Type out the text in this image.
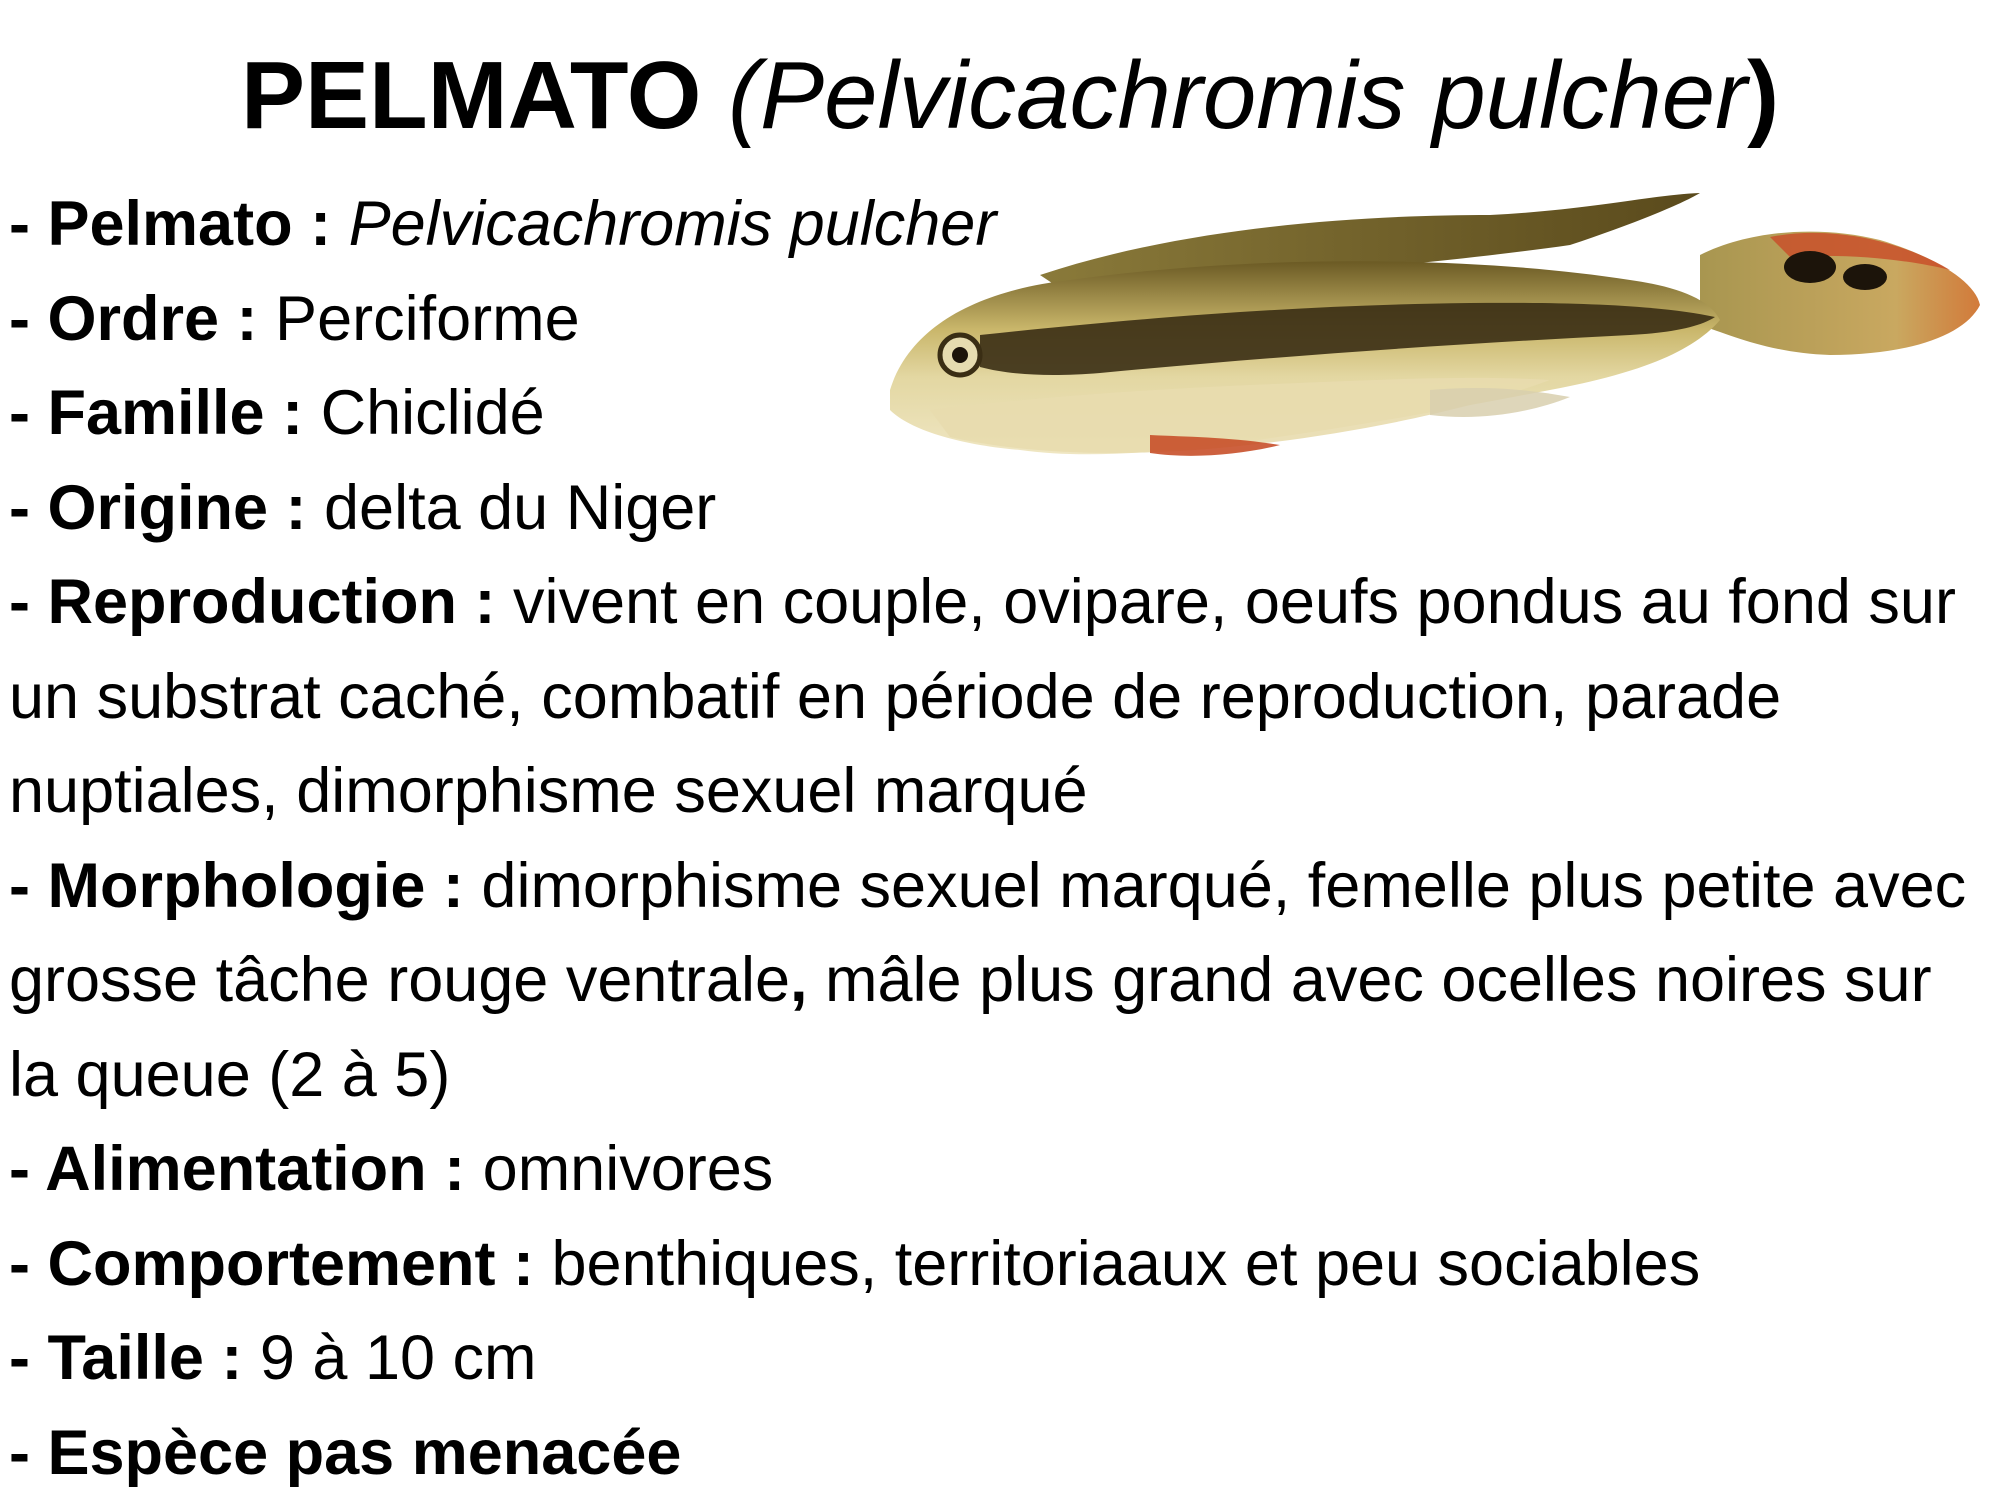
PELMATO (Pelvicachromis pulcher)
- Pelmato : Pelvicachromis pulcher
- Ordre : Perciforme
- Famille : Chiclidé
- Origine : delta du Niger
- Reproduction : vivent en couple, ovipare, oeufs pondus au fond sur un substrat caché, combatif en période de reproduction, parade nuptiales, dimorphisme sexuel marqué
- Morphologie : dimorphisme sexuel marqué, femelle plus petite avec grosse tâche rouge ventrale, mâle plus grand avec ocelles noires sur la queue (2 à 5)
- Alimentation : omnivores
- Comportement : benthiques, territoriaaux et peu sociables
- Taille : 9 à 10 cm
- Espèce pas menacée
